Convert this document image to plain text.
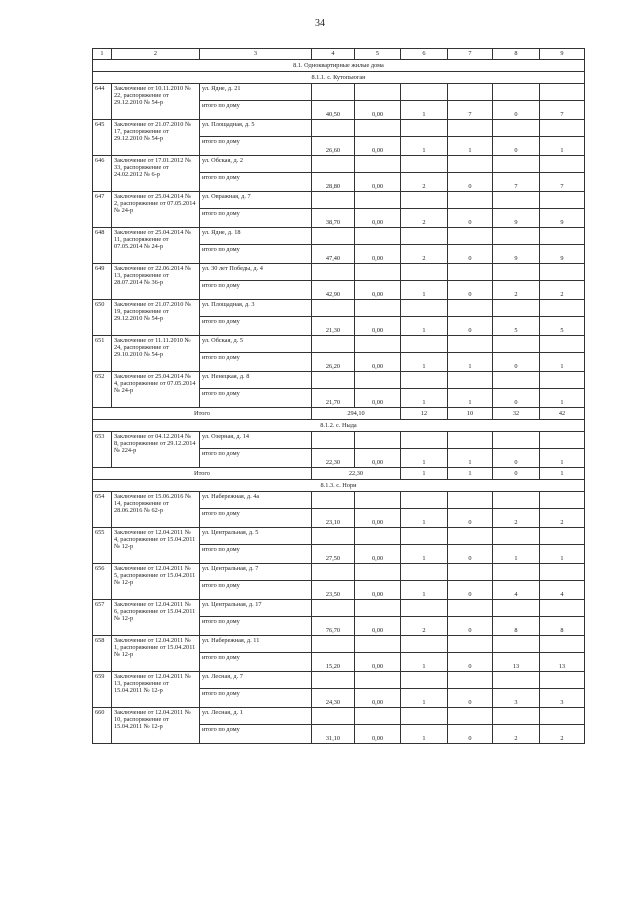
34
1	2	3	4	5	6	7	8	9
8.1. Одноквартирные жилые дома								
8.1.1. с. Кутопьюган								
644	Заключение от 10.11.2010 № 22, распоряжение от 29.12.2010 № 54-р	ул. Ядне, д. 21						
		итого по дому	40,50	0,00	1	7	0	7
645	Заключение от 21.07.2010 № 17, распоряжение от 29.12.2010 № 54-р	ул. Площадная, д. 5						
		итого по дому	26,60	0,00	1	1	0	1
646	Заключение от 17.01.2012 № 33, распоряжение от 24.02.2012 № 6-р	ул. Обская, д. 2						
		итого по дому	28,80	0,00	2	0	7	7
647	Заключение от 25.04.2014 № 2, распоряжение от 07.05.2014 № 24-р	ул. Овражная, д. 7						
		итого по дому	38,70	0,00	2	0	9	9
648	Заключение от 25.04.2014 № 11, распоряжение от 07.05.2014 № 24-р	ул. Ядне, д. 18						
		итого по дому	47,40	0,00	2	0	9	9
649	Заключение от 22.06.2014 № 13, распоряжение от 28.07.2014 № 36-р	ул. 30 лет Победы, д. 4						
		итого по дому	42,90	0,00	1	0	2	2
650	Заключение от 21.07.2010 № 19, распоряжение от 29.12.2010 № 54-р	ул. Площадная, д. 3						
		итого по дому	21,30	0,00	1	0	5	5
651	Заключение от 11.11.2010 № 24, распоряжение от 29.10.2010 № 54-р	ул. Обская, д. 5						
		итого по дому	26,20	0,00	1	1	0	1
652	Заключение от 25.04.2014 № 4, распоряжение от 07.05.2014 № 24-р	ул. Ненецкая, д. 8						
		итого по дому	21,70	0,00	1	1	0	1
Итого			294,10		12	10	32	42
8.1.2. с. Ныда								
653	Заключение от 04.12.2014 № 8, распоряжение от 29.12.2014 № 224-р	ул. Озерная, д. 14						
		итого по дому	22,30	0,00	1	1	0	1
Итого			22,30		1	1	0	1
8.1.3. с. Нори								
654	Заключение от 15.06.2016 № 14, распоряжение от 28.06.2016 № 62-р	ул. Набережная, д. 4а						
		итого по дому	23,10	0,00	1	0	2	2
655	Заключение от 12.04.2011 № 4, распоряжение от 15.04.2011 № 12-р	ул. Центральная, д. 5						
		итого по дому	27,50	0,00	1	0	1	1
656	Заключение от 12.04.2011 № 5, распоряжение от 15.04.2011 № 12-р	ул. Центральная, д. 7						
		итого по дому	23,50	0,00	1	0	4	4
657	Заключение от 12.04.2011 № 6, распоряжение от 15.04.2011 № 12-р	ул. Центральная, д. 17						
		итого по дому	76,70	0,00	2	0	8	8
658	Заключение от 12.04.2011 № 1, распоряжение от 15.04.2011 № 12-р	ул. Набережная, д. 11						
		итого по дому	15,20	0,00	1	0	13	13
659	Заключение от 12.04.2011 № 13, распоряжение от 15.04.2011 № 12-р	ул. Лесная, д. 7						
		итого по дому	24,30	0,00	1	0	3	3
660	Заключение от 12.04.2011 № 10, распоряжение от 15.04.2011 № 12-р	ул. Лесная, д. 1						
		итого по дому	31,10	0,00	1	0	2	2
